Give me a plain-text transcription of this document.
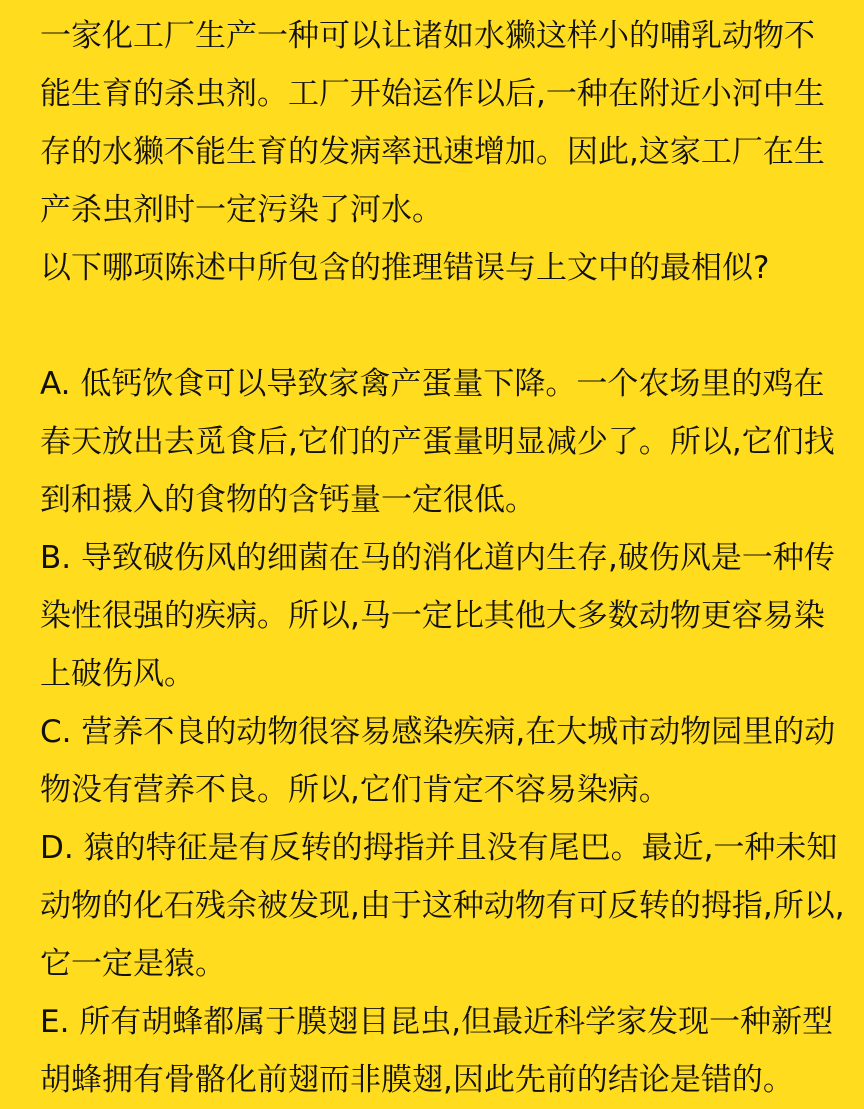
一家化工厂生产一种可以让诸如水獭这样小的哺乳动物不
能生育的杀虫剂。工厂开始运作以后,一种在附近小河中生
存的水獭不能生育的发病率迅速增加。因此,这家工厂在生
产杀虫剂时一定污染了河水。
以下哪项陈述中所包含的推理错误与上文中的最相似?
A. 低钙饮食可以导致家禽产蛋量下降。一个农场里的鸡在
春天放出去觅食后,它们的产蛋量明显减少了。所以,它们找
到和摄入的食物的含钙量一定很低。
B. 导致破伤风的细菌在马的消化道内生存,破伤风是一种传
染性很强的疾病。所以,马一定比其他大多数动物更容易染
上破伤风。
C. 营养不良的动物很容易感染疾病,在大城市动物园里的动
物没有营养不良。所以,它们肯定不容易染病。
D. 猿的特征是有反转的拇指并且没有尾巴。最近,一种未知
动物的化石残余被发现,由于这种动物有可反转的拇指,所以,
它一定是猿。
E. 所有胡蜂都属于膜翅目昆虫,但最近科学家发现一种新型
胡蜂拥有骨骼化前翅而非膜翅,因此先前的结论是错的。
